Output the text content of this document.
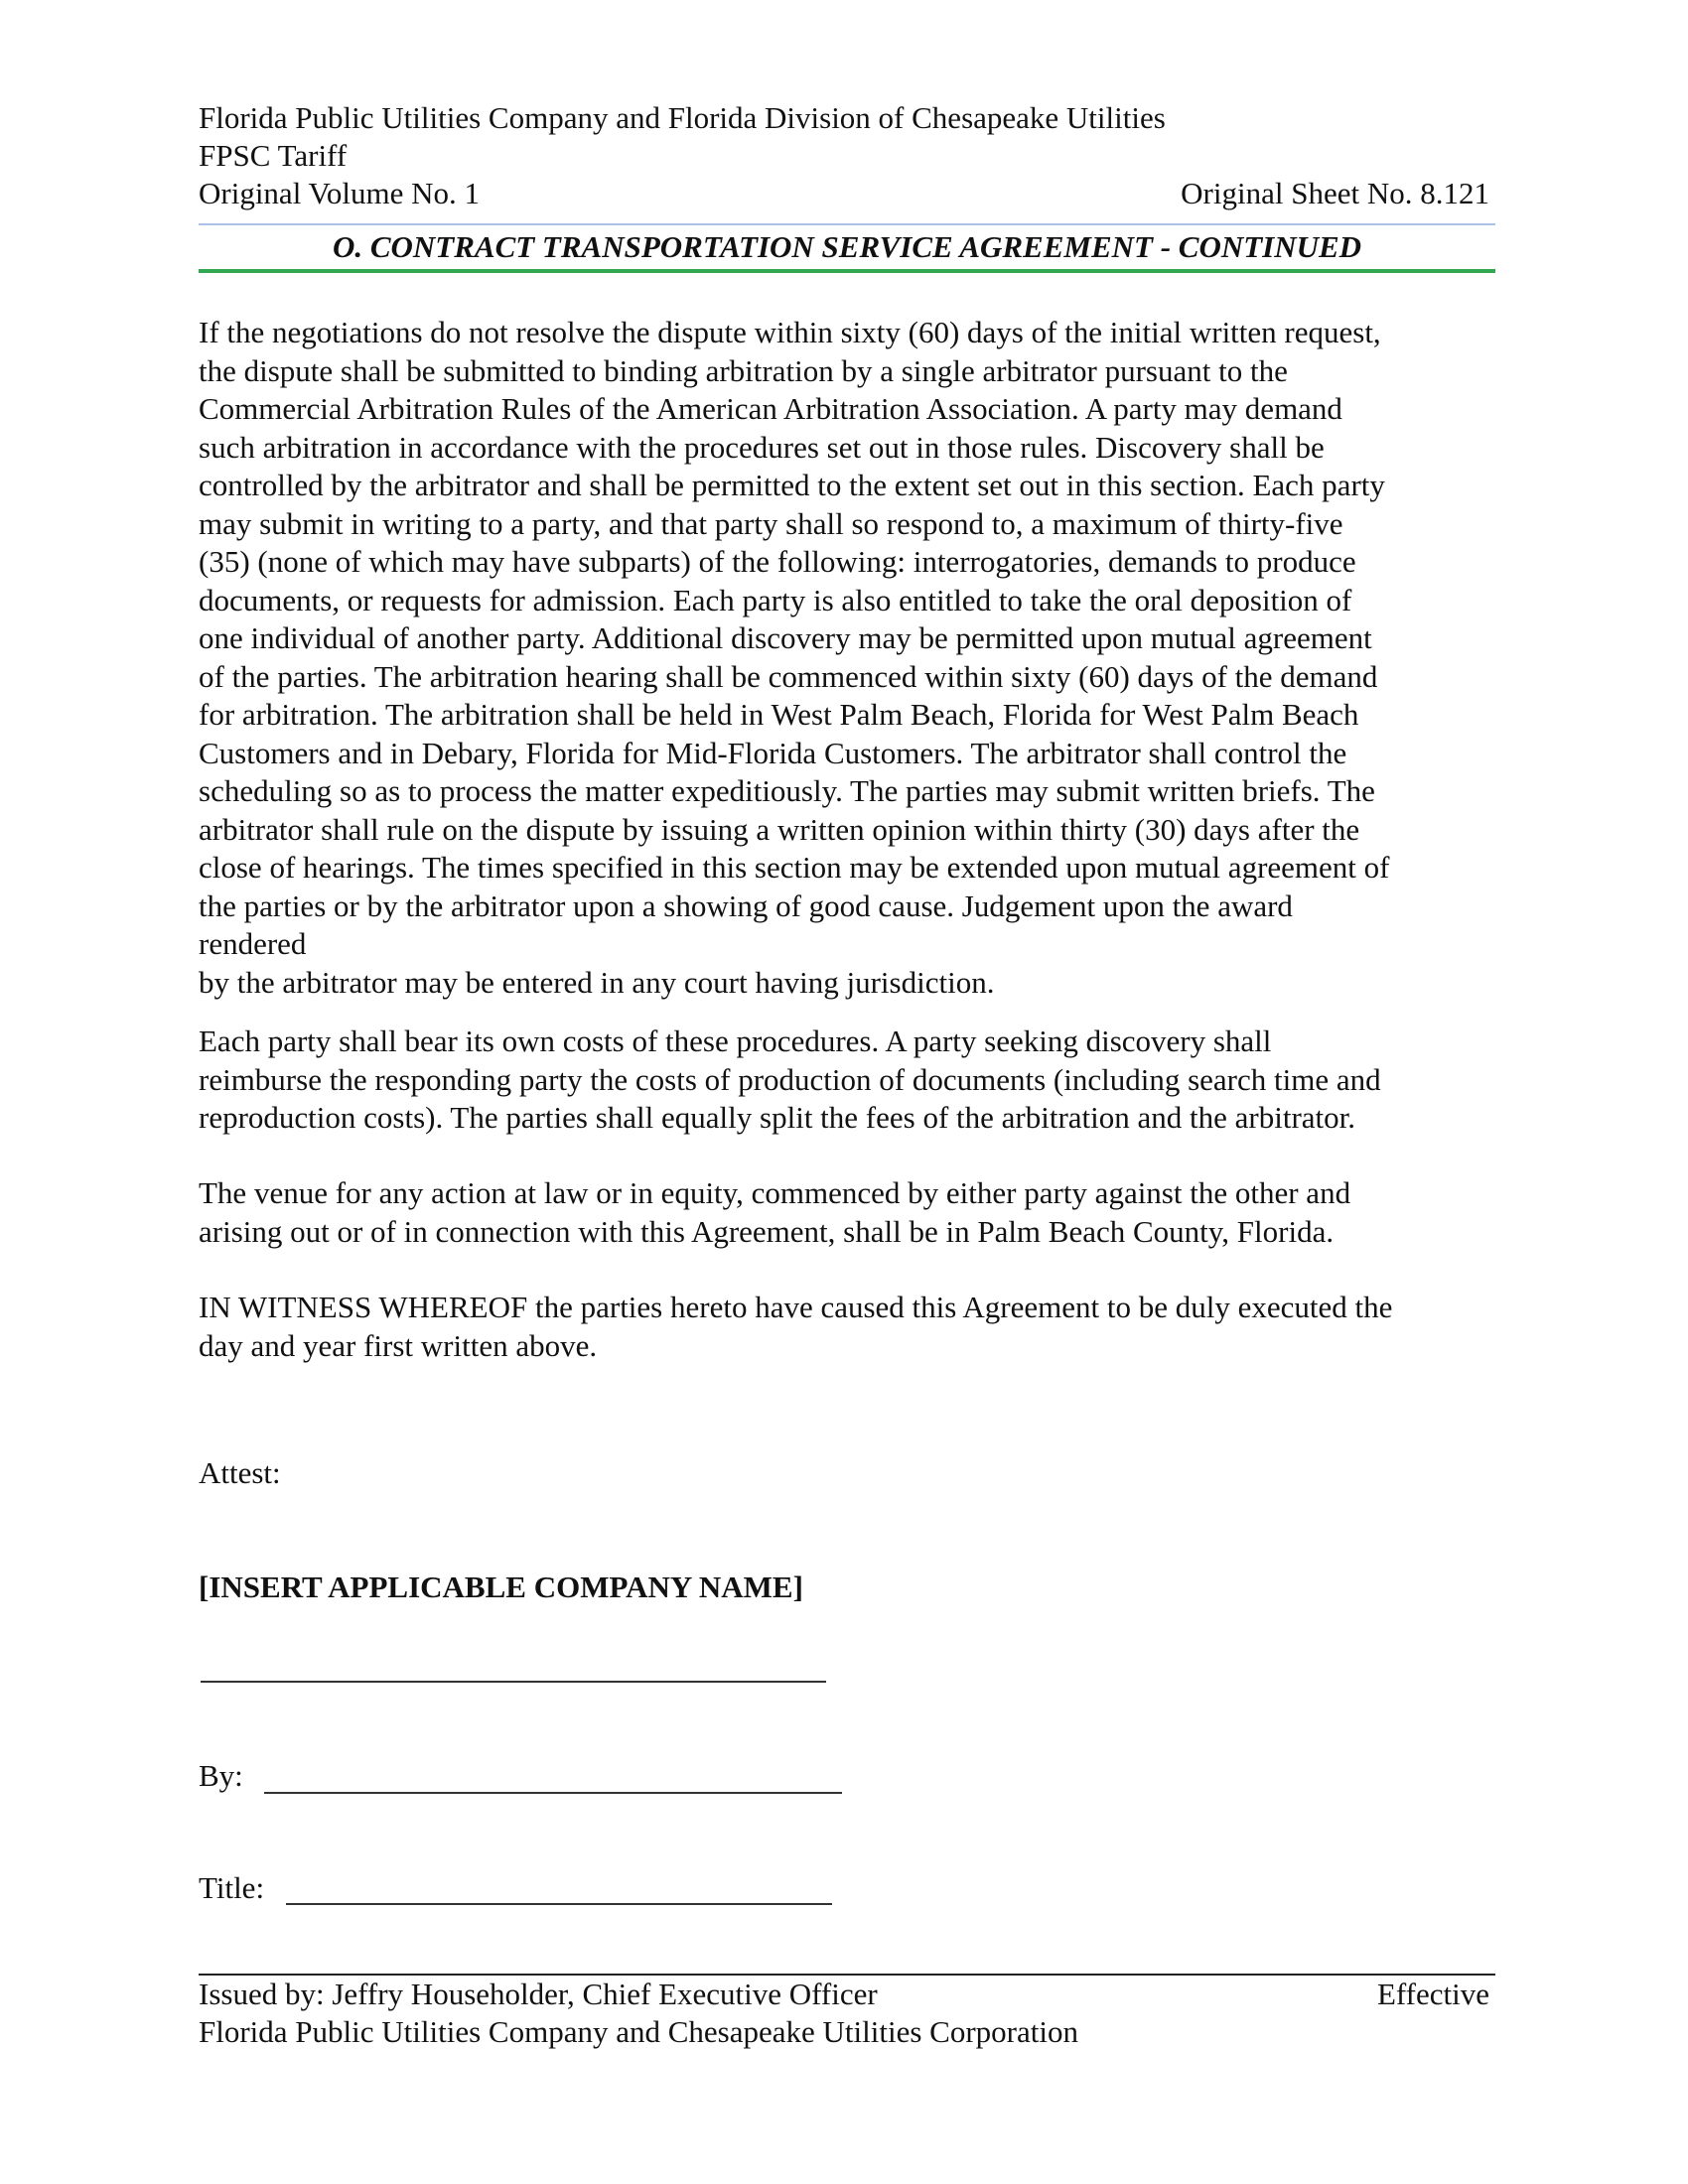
Florida Public Utilities Company and Florida Division of Chesapeake Utilities
FPSC Tariff
Original Volume No. 1	Original Sheet No. 8.121
O. CONTRACT TRANSPORTATION SERVICE AGREEMENT - CONTINUED
If the negotiations do not resolve the dispute within sixty (60) days of the initial written request,
the dispute shall be submitted to binding arbitration by a single arbitrator pursuant to the
Commercial Arbitration Rules of the American Arbitration Association. A party may demand
such arbitration in accordance with the procedures set out in those rules. Discovery shall be
controlled by the arbitrator and shall be permitted to the extent set out in this section. Each party
may submit in writing to a party, and that party shall so respond to, a maximum of thirty-five
(35) (none of which may have subparts) of the following: interrogatories, demands to produce
documents, or requests for admission. Each party is also entitled to take the oral deposition of
one individual of another party. Additional discovery may be permitted upon mutual agreement
of the parties. The arbitration hearing shall be commenced within sixty (60) days of the demand
for arbitration. The arbitration shall be held in West Palm Beach, Florida for West Palm Beach
Customers and in Debary, Florida for Mid-Florida Customers. The arbitrator shall control the
scheduling so as to process the matter expeditiously. The parties may submit written briefs. The
arbitrator shall rule on the dispute by issuing a written opinion within thirty (30) days after the
close of hearings. The times specified in this section may be extended upon mutual agreement of
the parties or by the arbitrator upon a showing of good cause. Judgement upon the award
rendered
by the arbitrator may be entered in any court having jurisdiction.
Each party shall bear its own costs of these procedures. A party seeking discovery shall
reimburse the responding party the costs of production of documents (including search time and
reproduction costs). The parties shall equally split the fees of the arbitration and the arbitrator.
The venue for any action at law or in equity, commenced by either party against the other and
arising out or of in connection with this Agreement, shall be in Palm Beach County, Florida.
IN WITNESS WHEREOF the parties hereto have caused this Agreement to be duly executed the
day and year first written above.
Attest:
[INSERT APPLICABLE COMPANY NAME]
By:
Title:
Issued by: Jeffry Householder, Chief Executive Officer	Effective
Florida Public Utilities Company and Chesapeake Utilities Corporation
